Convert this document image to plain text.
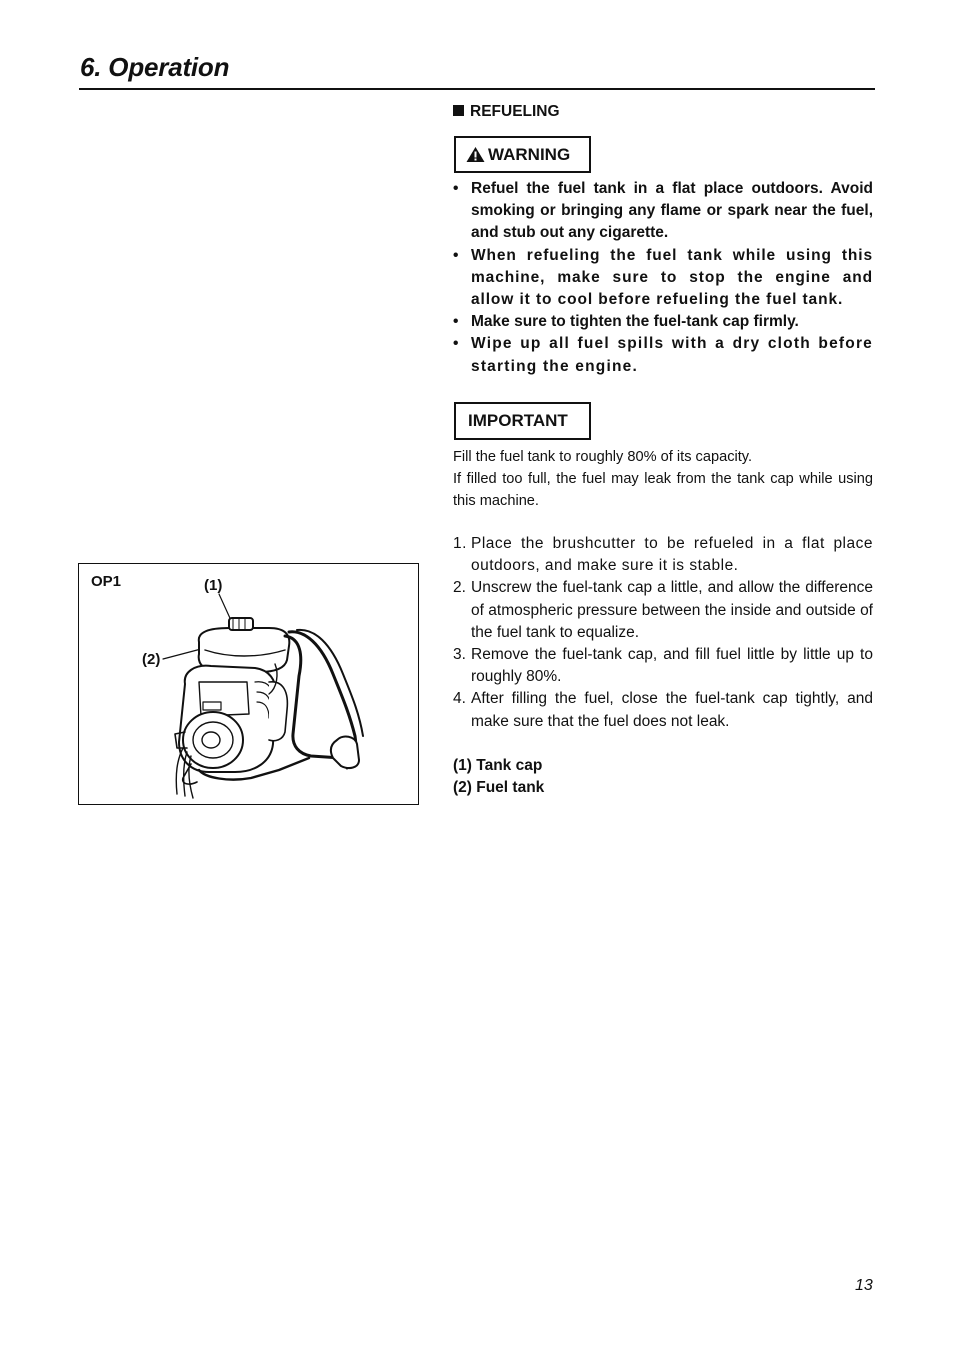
6. Operation
REFUELING
WARNING
• Refuel the fuel tank in a flat place outdoors. Avoid smoking or bringing any flame or spark near the fuel, and stub out any cigarette.
• When refueling the fuel tank while using this machine, make sure to stop the engine and allow it to cool before refueling the fuel tank.
• Make sure to tighten the fuel-tank cap firmly.
• Wipe up all fuel spills with a dry cloth before starting the engine.
IMPORTANT
Fill the fuel tank to roughly 80% of its capacity.
If filled too full, the fuel may leak from the tank cap while using this machine.
1. Place the brushcutter to be refueled in a flat place outdoors, and make sure it is stable.
2. Unscrew the fuel-tank cap a little, and allow the difference of atmospheric pressure between the inside and outside of the fuel tank to equalize.
3. Remove the fuel-tank cap, and fill fuel little by little up to roughly 80%.
4. After filling the fuel, close the fuel-tank cap tightly, and make sure that the fuel does not leak.
(1) Tank cap
(2) Fuel tank
OP1	(1)
(2)
13
